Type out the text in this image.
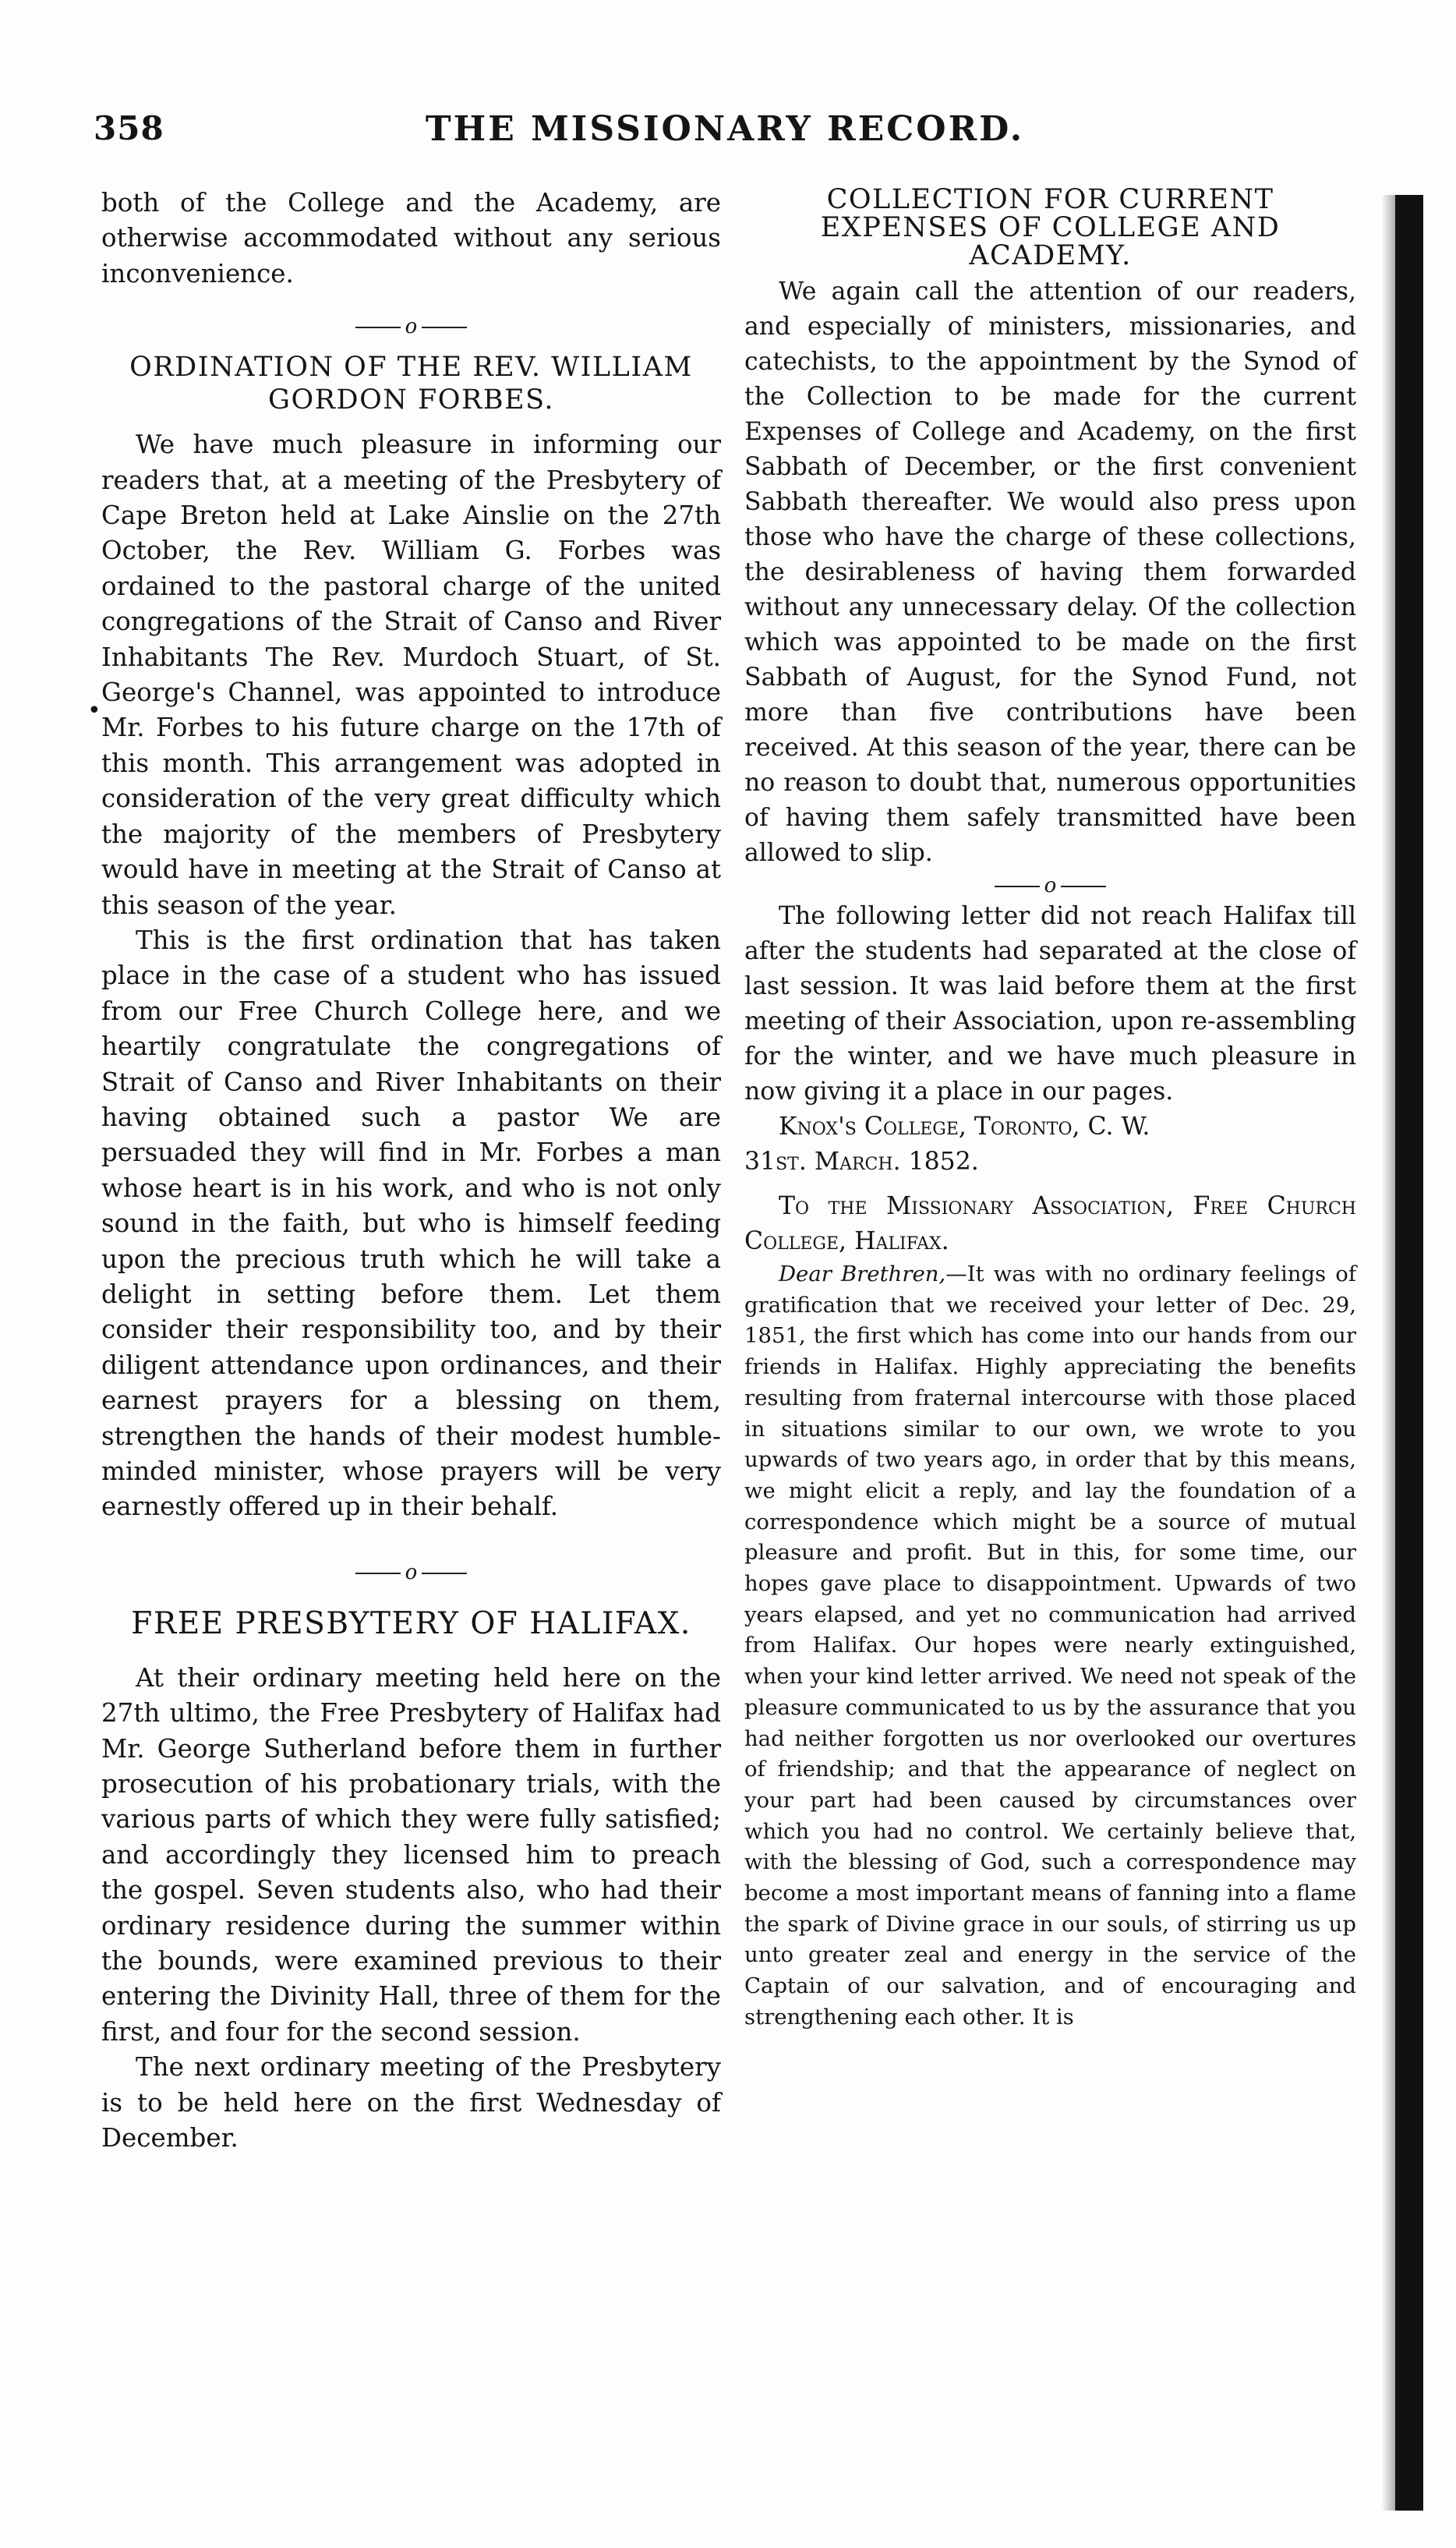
358	THE MISSIONARY RECORD.
•

both of the College and the Academy, are otherwise accommodated without any serious inconvenience.

o
ORDINATION OF THE REV. WILLIAM GORDON FORBES.

We have much pleasure in informing our readers that, at a meeting of the Presbytery of Cape Breton held at Lake Ainslie on the 27th October, the Rev. William G. Forbes was ordained to the pastoral charge of the united congregations of the Strait of Canso and River Inhabitants The Rev. Murdoch Stuart, of St. George's Channel, was appointed to introduce Mr. Forbes to his future charge on the 17th of this month. This arrangement was adopted in consideration of the very great difficulty which the majority of the members of Presbytery would have in meeting at the Strait of Canso at this season of the year.

This is the first ordination that has taken place in the case of a student who has issued from our Free Church College here, and we heartily congratulate the congregations of Strait of Canso and River Inhabitants on their having obtained such a pastor We are persuaded they will find in Mr. Forbes a man whose heart is in his work, and who is not only sound in the faith, but who is himself feeding upon the precious truth which he will take a delight in setting before them. Let them consider their responsibility too, and by their diligent attendance upon ordinances, and their earnest prayers for a blessing on them, strengthen the hands of their modest humble-minded minister, whose prayers will be very earnestly offered up in their behalf.

o
FREE PRESBYTERY OF HALIFAX.

At their ordinary meeting held here on the 27th ultimo, the Free Presbytery of Halifax had Mr. George Sutherland before them in further prosecution of his probationary trials, with the various parts of which they were fully satisfied; and accordingly they licensed him to preach the gospel. Seven students also, who had their ordinary residence during the summer within the bounds, were examined previous to their entering the Divinity Hall, three of them for the first, and four for the second session.

The next ordinary meeting of the Presbytery is to be held here on the first Wednesday of December.

COLLECTION FOR CURRENT EXPENSES OF COLLEGE AND ACADEMY.

We again call the attention of our readers, and especially of ministers, missionaries, and catechists, to the appointment by the Synod of the Collection to be made for the current Expenses of College and Academy, on the first Sabbath of December, or the first convenient Sabbath thereafter. We would also press upon those who have the charge of these collections, the desirableness of having them forwarded without any unnecessary delay. Of the collection which was appointed to be made on the first Sabbath of August, for the Synod Fund, not more than five contributions have been received. At this season of the year, there can be no reason to doubt that, numerous opportunities of having them safely transmitted have been allowed to slip.

o

The following letter did not reach Halifax till after the students had separated at the close of last session. It was laid before them at the first meeting of their Association, upon re-assembling for the winter, and we have much pleasure in now giving it a place in our pages.

Knox's College, Toronto, C. W.

31st. March. 1852.

To the Missionary Association, Free Church College, Halifax.

Dear Brethren,—It was with no ordinary feelings of gratification that we received your letter of Dec. 29, 1851, the first which has come into our hands from our friends in Halifax. Highly appreciating the benefits resulting from fraternal intercourse with those placed in situations similar to our own, we wrote to you upwards of two years ago, in order that by this means, we might elicit a reply, and lay the foundation of a correspondence which might be a source of mutual pleasure and profit. But in this, for some time, our hopes gave place to disappointment. Upwards of two years elapsed, and yet no communication had arrived from Halifax. Our hopes were nearly extinguished, when your kind letter arrived. We need not speak of the pleasure communicated to us by the assurance that you had neither forgotten us nor overlooked our overtures of friendship; and that the appearance of neglect on your part had been caused by circumstances over which you had no control. We certainly believe that, with the blessing of God, such a correspondence may become a most important means of fanning into a flame the spark of Divine grace in our souls, of stirring us up unto greater zeal and energy in the service of the Captain of our salvation, and of encouraging and strengthening each other. It is
